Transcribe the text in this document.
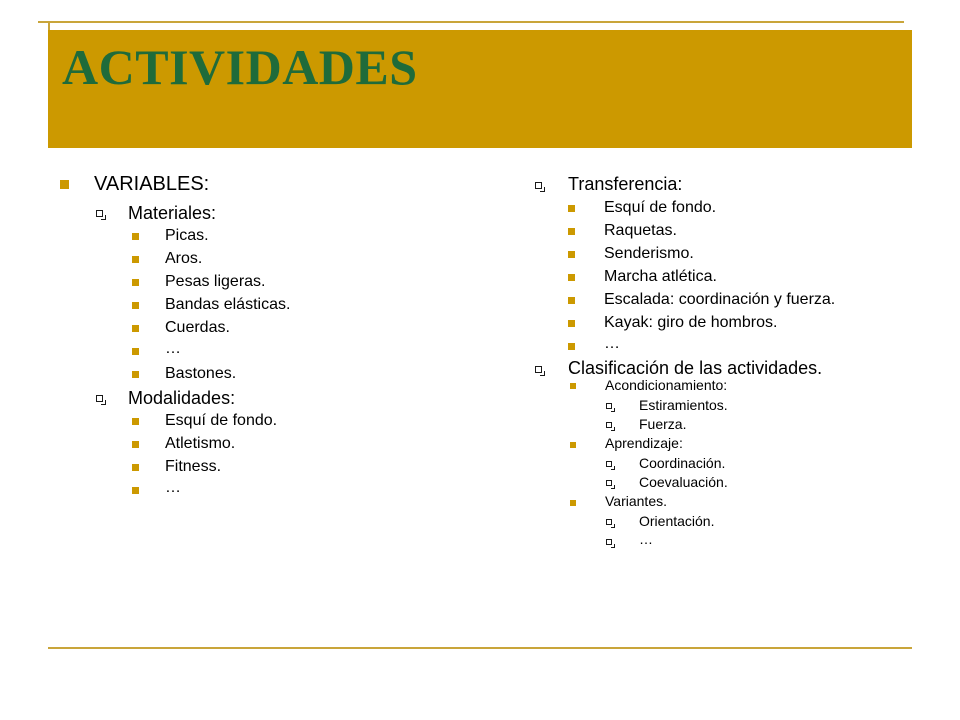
ACTIVIDADES
VARIABLES:
Materiales:
Picas.
Aros.
Pesas ligeras.
Bandas elásticas.
Cuerdas.
…
Bastones.
Modalidades:
Esquí de fondo.
Atletismo.
Fitness.
…
Transferencia:
Esquí de fondo.
Raquetas.
Senderismo.
Marcha atlética.
Escalada: coordinación y fuerza.
Kayak: giro de hombros.
…
Clasificación de las actividades.
Acondicionamiento:
Estiramientos.
Fuerza.
Aprendizaje:
Coordinación.
Coevaluación.
Variantes.
Orientación.
…
